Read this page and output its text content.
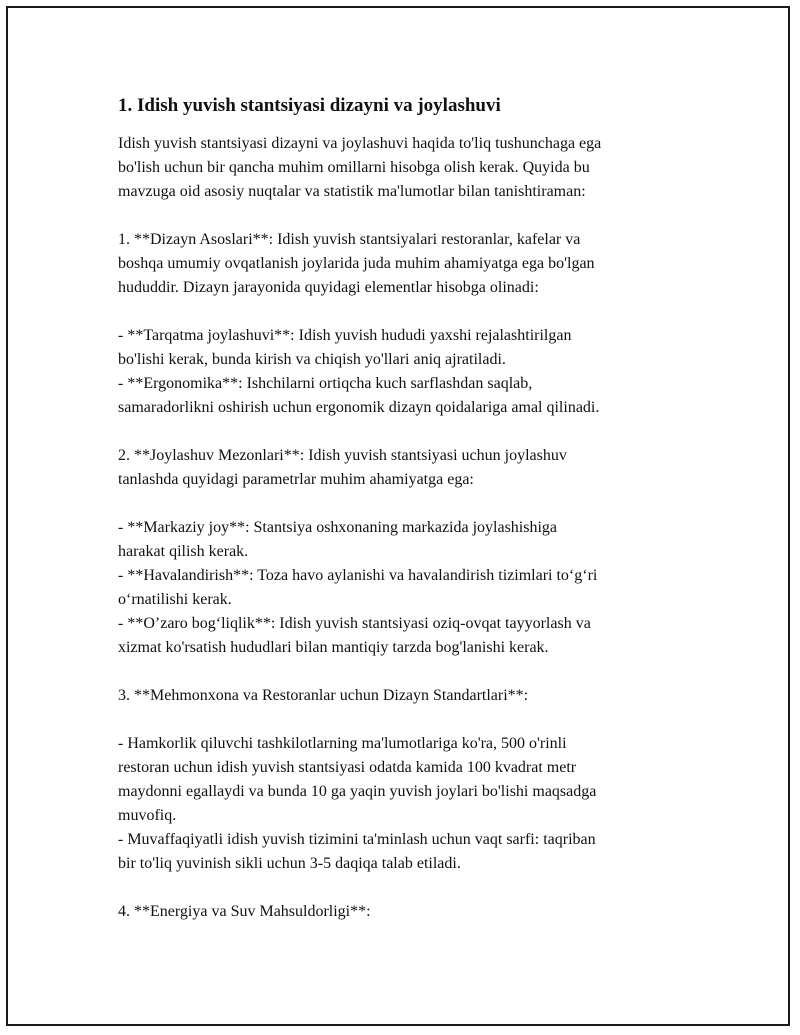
1. Idish yuvish stantsiyasi dizayni va joylashuvi

Idish yuvish stantsiyasi dizayni va joylashuvi haqida to'liq tushunchaga ega
bo'lish uchun bir qancha muhim omillarni hisobga olish kerak. Quyida bu
mavzuga oid asosiy nuqtalar va statistik ma'lumotlar bilan tanishtiraman:

1. **Dizayn Asoslari**: Idish yuvish stantsiyalari restoranlar, kafelar va
boshqa umumiy ovqatlanish joylarida juda muhim ahamiyatga ega bo'lgan
hududdir. Dizayn jarayonida quyidagi elementlar hisobga olinadi:

- **Tarqatma joylashuvi**: Idish yuvish hududi yaxshi rejalashtirilgan
bo'lishi kerak, bunda kirish va chiqish yo'llari aniq ajratiladi.

- **Ergonomika**: Ishchilarni ortiqcha kuch sarflashdan saqlab,
samaradorlikni oshirish uchun ergonomik dizayn qoidalariga amal qilinadi.

2. **Joylashuv Mezonlari**: Idish yuvish stantsiyasi uchun joylashuv
tanlashda quyidagi parametrlar muhim ahamiyatga ega:

- **Markaziy joy**: Stantsiya oshxonaning markazida joylashishiga
harakat qilish kerak.

- **Havalandirish**: Toza havo aylanishi va havalandirish tizimlari to‘g‘ri
o‘rnatilishi kerak.

- **O’zaro bog‘liqlik**: Idish yuvish stantsiyasi oziq-ovqat tayyorlash va
xizmat ko'rsatish hududlari bilan mantiqiy tarzda bog'lanishi kerak.

3. **Mehmonxona va Restoranlar uchun Dizayn Standartlari**:

- Hamkorlik qiluvchi tashkilotlarning ma'lumotlariga ko'ra, 500 o'rinli
restoran uchun idish yuvish stantsiyasi odatda kamida 100 kvadrat metr
maydonni egallaydi va bunda 10 ga yaqin yuvish joylari bo'lishi maqsadga
muvofiq.

- Muvaffaqiyatli idish yuvish tizimini ta'minlash uchun vaqt sarfi: taqriban
bir to'liq yuvinish sikli uchun 3-5 daqiqa talab etiladi.

4. **Energiya va Suv Mahsuldorligi**:
